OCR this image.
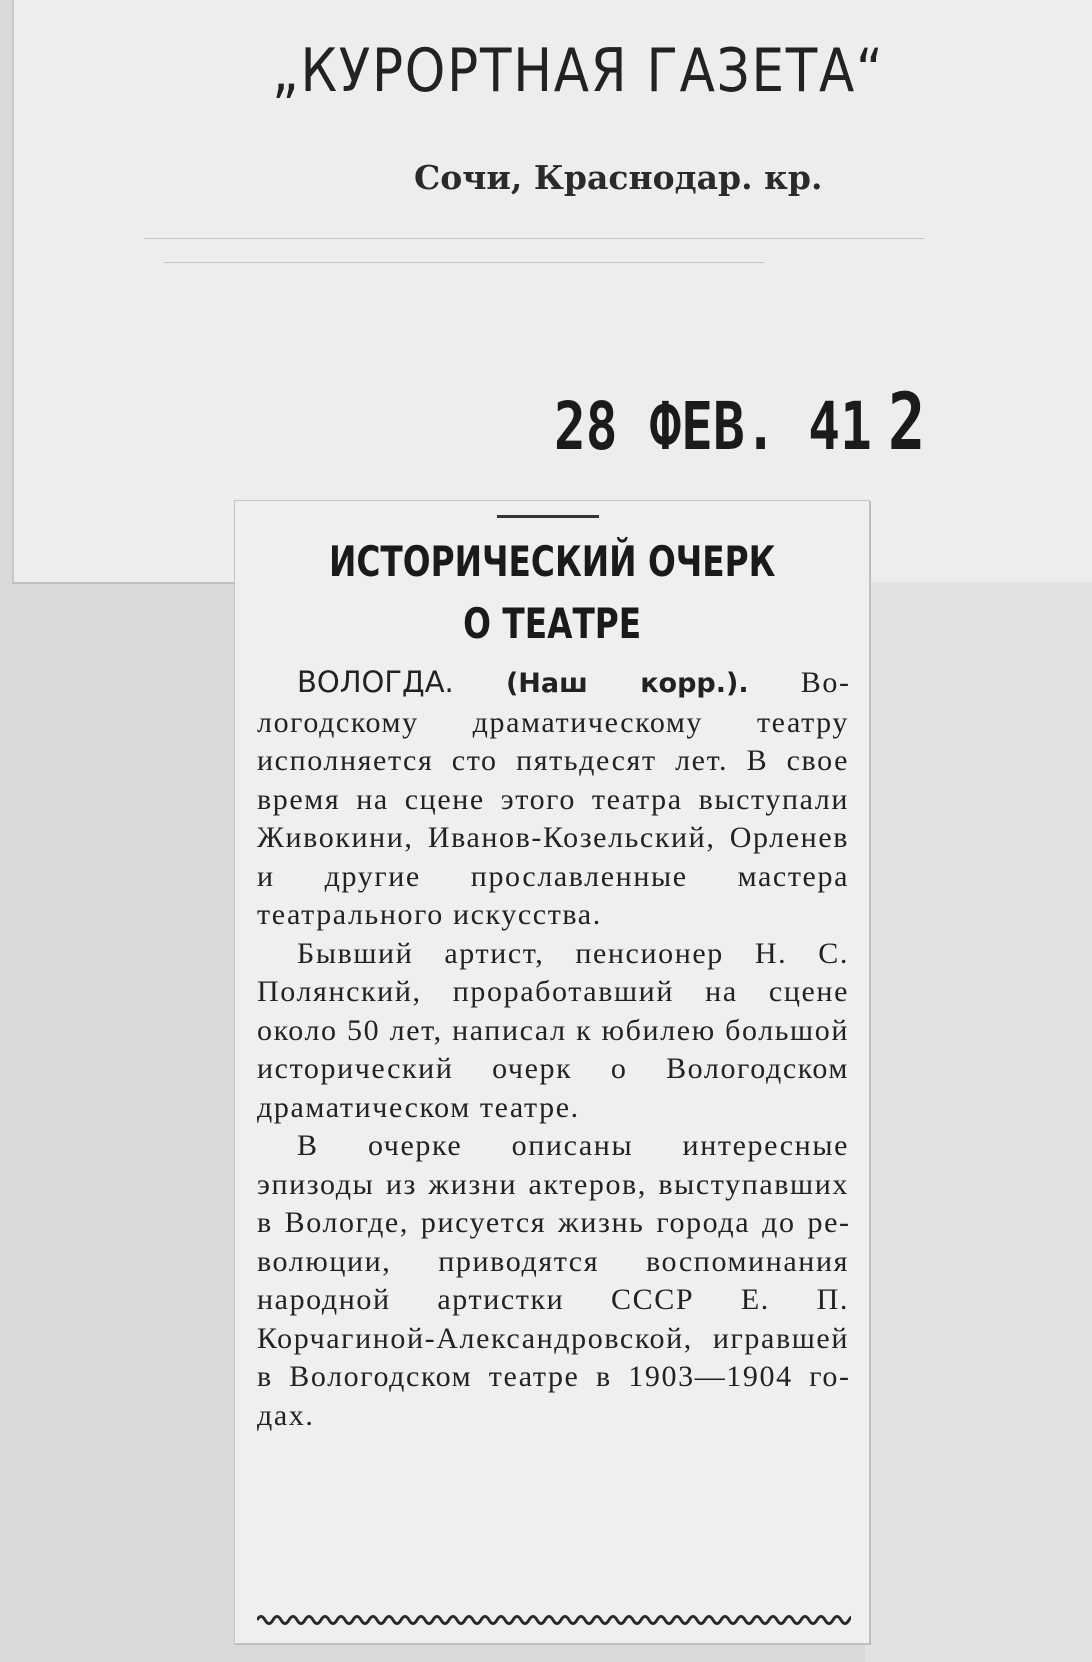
„КУРОРТНАЯ ГАЗЕТА“
Сочи, Краснодар. кр.
28 ФЕВ. 41 2
ИСТОРИЧЕСКИЙ ОЧЕРК
О ТЕАТРЕ

ВОЛОГДА. (Наш корр.). Вологодскому драматическому театру исполняется сто пятьдесят лет. В свое время на сцене этого театра выступали Живокини, Иванов-Козельский, Орленев и другие прославленные мастера театрального искусства.

Бывший артист, пенсионер Н. С. Полянский, проработавший на сцене около 50 лет, написал к юбилею большой исторический очерк о Вологодском драматическом театре.

В очерке описаны интересные эпизоды из жизни актеров, выступавших в Вологде, рисуется жизнь города до революции, приводятся воспоминания народной артистки СССР Е. П. Корчагиной-Александровской, игравшей в Вологодском театре в 1903—1904 годах.
